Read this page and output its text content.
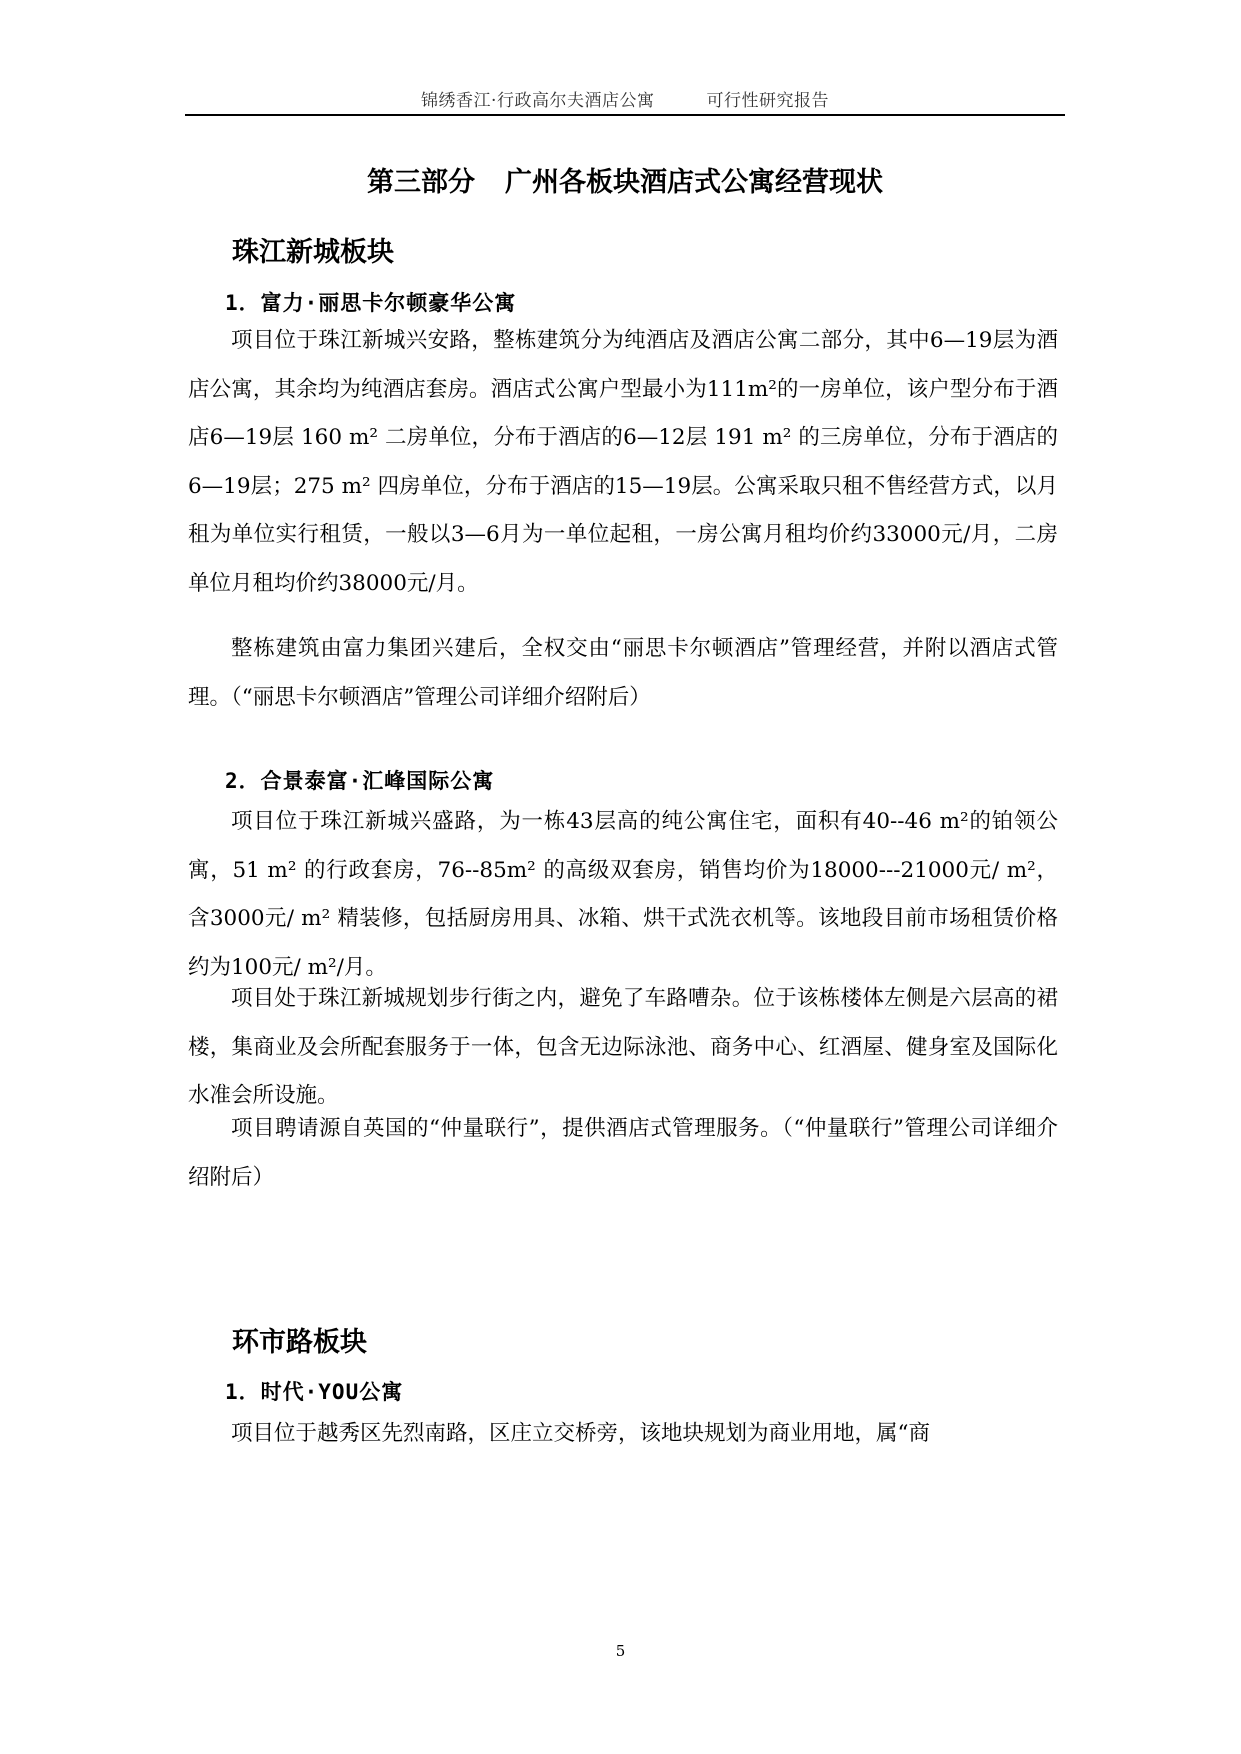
锦绣香江·行政高尔夫酒店公寓	可行性研究报告
第三部分 广州各板块酒店式公寓经营现状
珠江新城板块
1．富力·丽思卡尔顿豪华公寓
项目位于珠江新城兴安路，整栋建筑分为纯酒店及酒店公寓二部分，其中6—19层为酒店公寓，其余均为纯酒店套房。酒店式公寓户型最小为111m²的一房单位，该户型分布于酒店6—19层 160 m² 二房单位，分布于酒店的6—12层 191 m² 的三房单位，分布于酒店的6—19层；275 m² 四房单位，分布于酒店的15—19层。公寓采取只租不售经营方式，以月租为单位实行租赁，一般以3—6月为一单位起租，一房公寓月租均价约33000元/月，二房单位月租均价约38000元/月。
整栋建筑由富力集团兴建后，全权交由“丽思卡尔顿酒店”管理经营，并附以酒店式管理。（“丽思卡尔顿酒店”管理公司详细介绍附后）
2．合景泰富·汇峰国际公寓
项目位于珠江新城兴盛路，为一栋43层高的纯公寓住宅，面积有40--46 m²的铂领公寓，51 m² 的行政套房，76--85m² 的高级双套房，销售均价为18000---21000元/ m²，含3000元/ m² 精装修，包括厨房用具、冰箱、烘干式洗衣机等。该地段目前市场租赁价格约为100元/ m²/月。
项目处于珠江新城规划步行街之内，避免了车路嘈杂。位于该栋楼体左侧是六层高的裙楼，集商业及会所配套服务于一体，包含无边际泳池、商务中心、红酒屋、健身室及国际化水准会所设施。
项目聘请源自英国的“仲量联行”，提供酒店式管理服务。（“仲量联行”管理公司详细介绍附后）
环市路板块
1．时代·YOU公寓
项目位于越秀区先烈南路，区庄立交桥旁，该地块规划为商业用地，属“商
5
